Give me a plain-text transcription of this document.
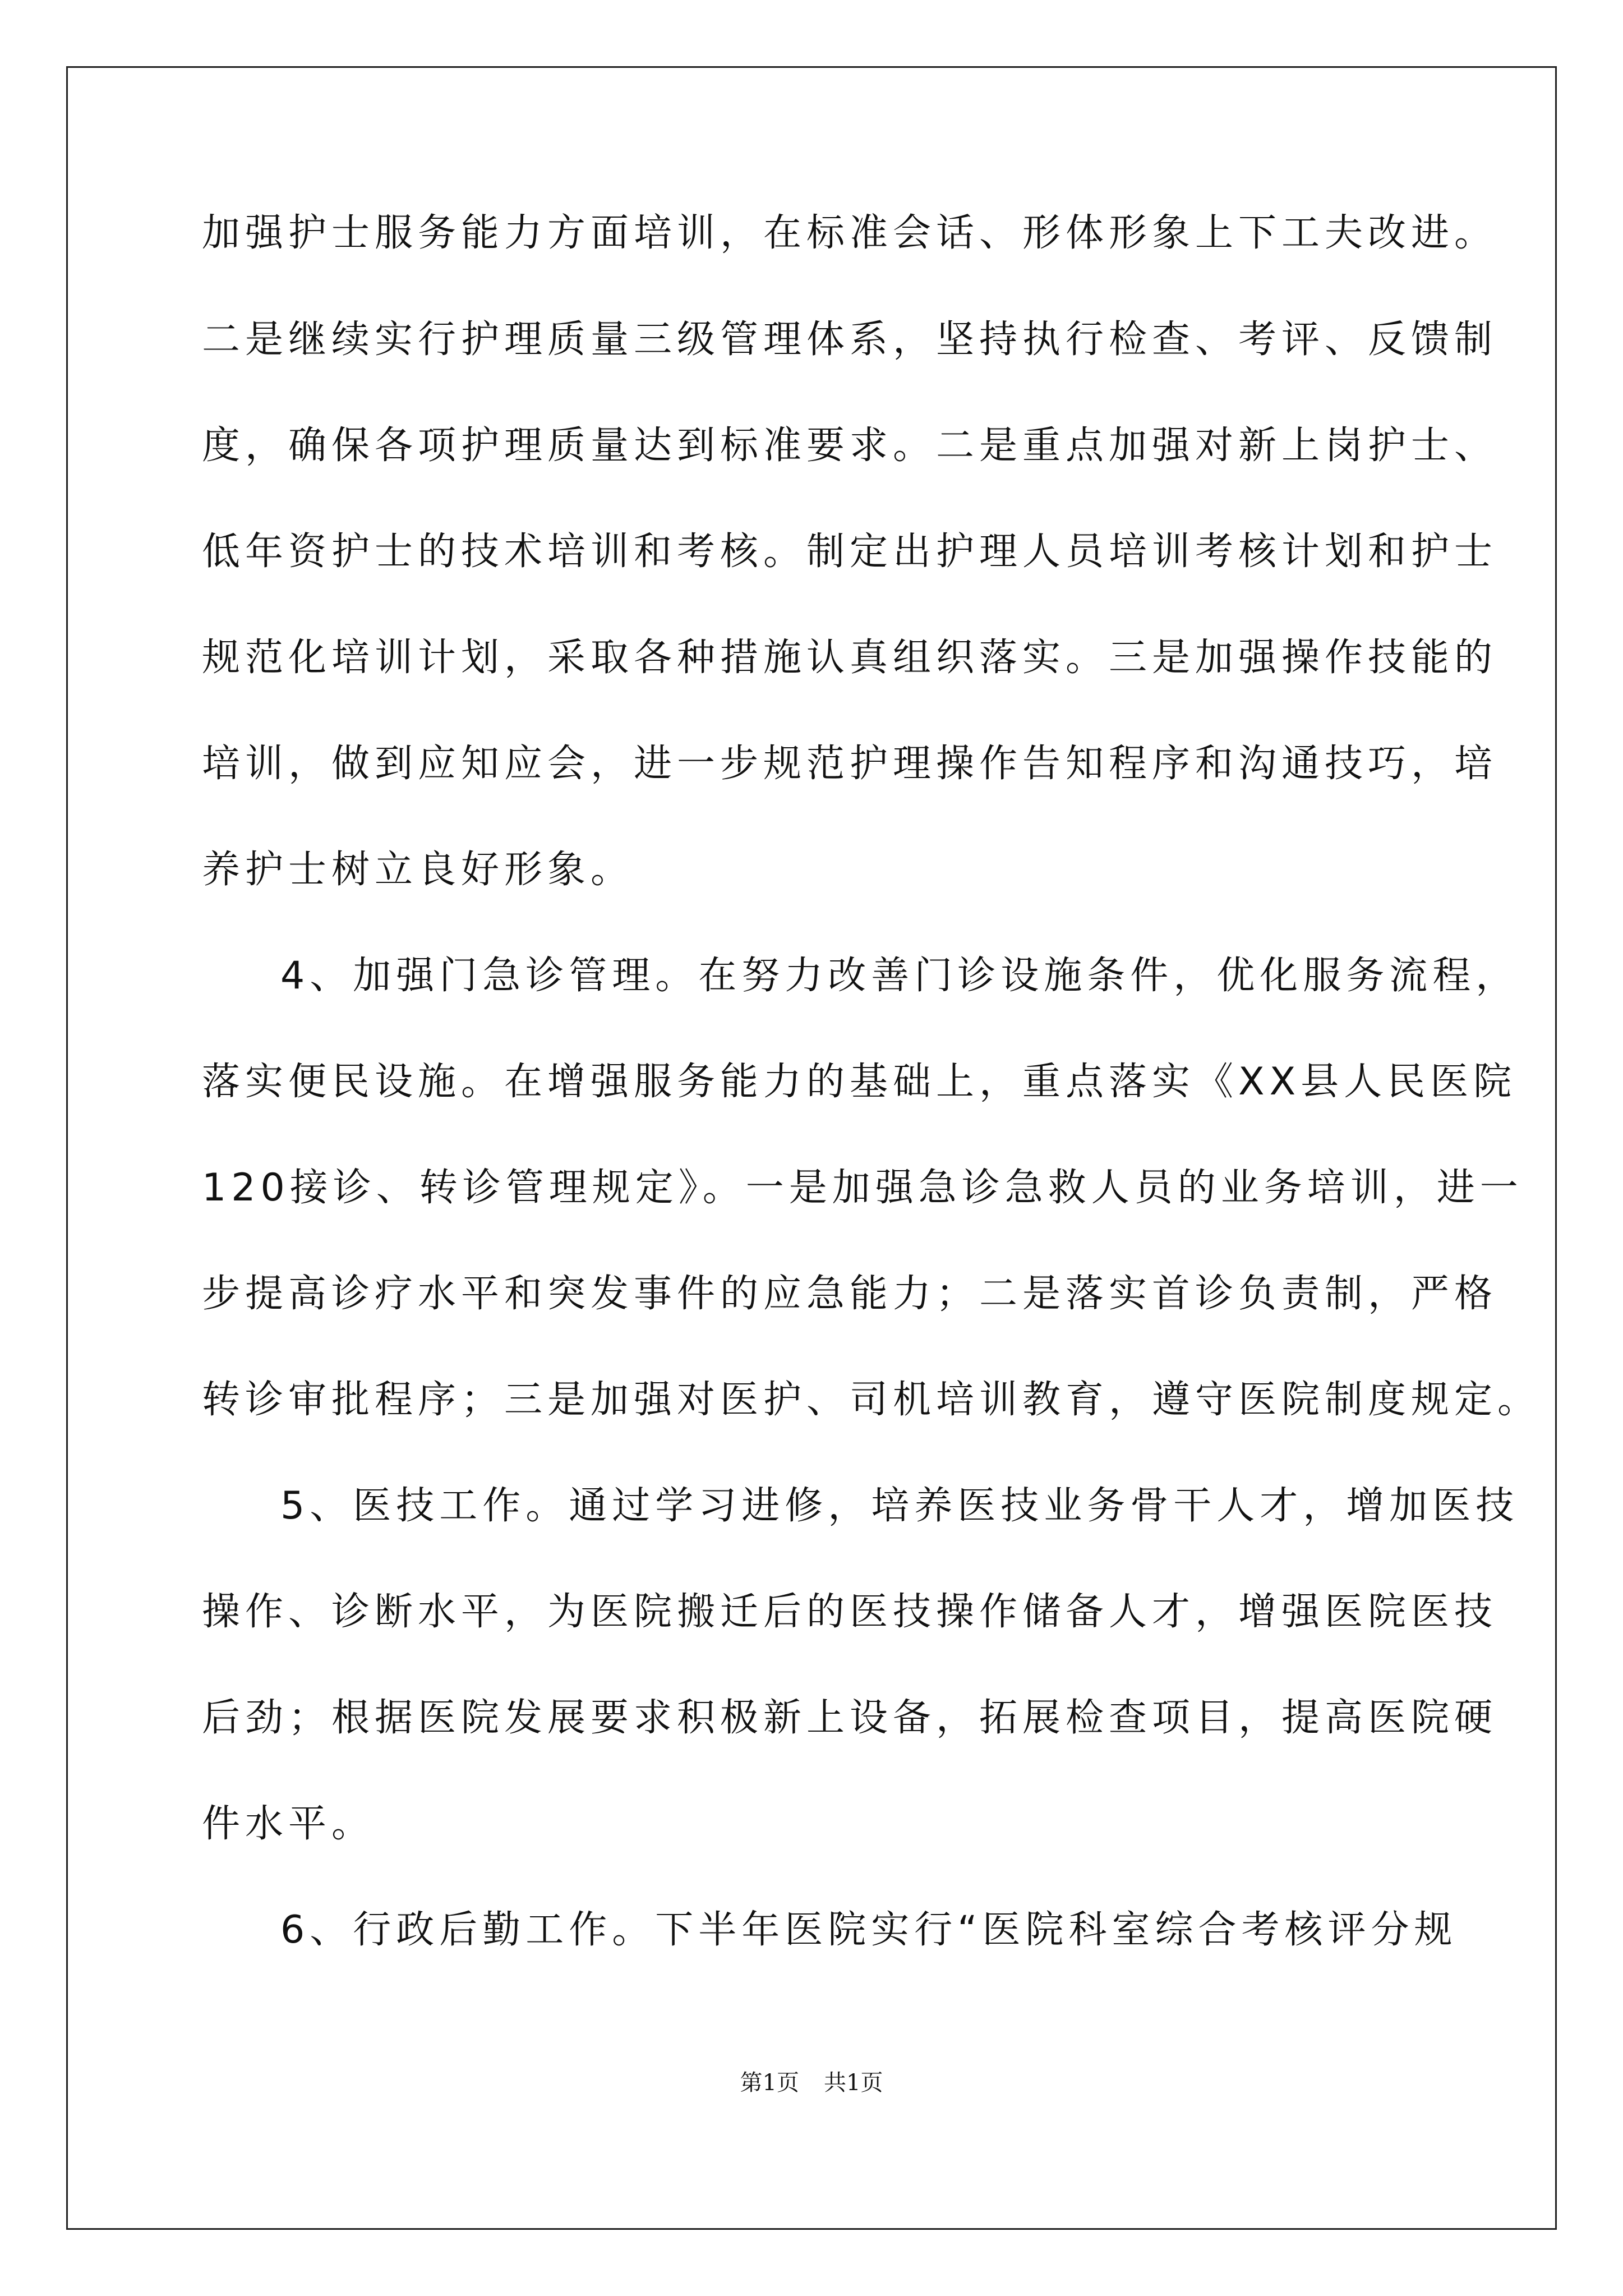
加强护士服务能力方面培训，在标准会话、形体形象上下工夫改进。
二是继续实行护理质量三级管理体系，坚持执行检查、考评、反馈制
度，确保各项护理质量达到标准要求。二是重点加强对新上岗护士、
低年资护士的技术培训和考核。制定出护理人员培训考核计划和护士
规范化培训计划，采取各种措施认真组织落实。三是加强操作技能的
培训，做到应知应会，进一步规范护理操作告知程序和沟通技巧，培
养护士树立良好形象。
4、加强门急诊管理。在努力改善门诊设施条件，优化服务流程，
落实便民设施。在增强服务能力的基础上，重点落实《XX县人民医院
120接诊、转诊管理规定》。一是加强急诊急救人员的业务培训，进一
步提高诊疗水平和突发事件的应急能力；二是落实首诊负责制，严格
转诊审批程序；三是加强对医护、司机培训教育，遵守医院制度规定。
5、医技工作。通过学习进修，培养医技业务骨干人才，增加医技
操作、诊断水平，为医院搬迁后的医技操作储备人才，增强医院医技
后劲；根据医院发展要求积极新上设备，拓展检查项目，提高医院硬
件水平。
6、行政后勤工作。下半年医院实行“医院科室综合考核评分规
第1页 共1页
